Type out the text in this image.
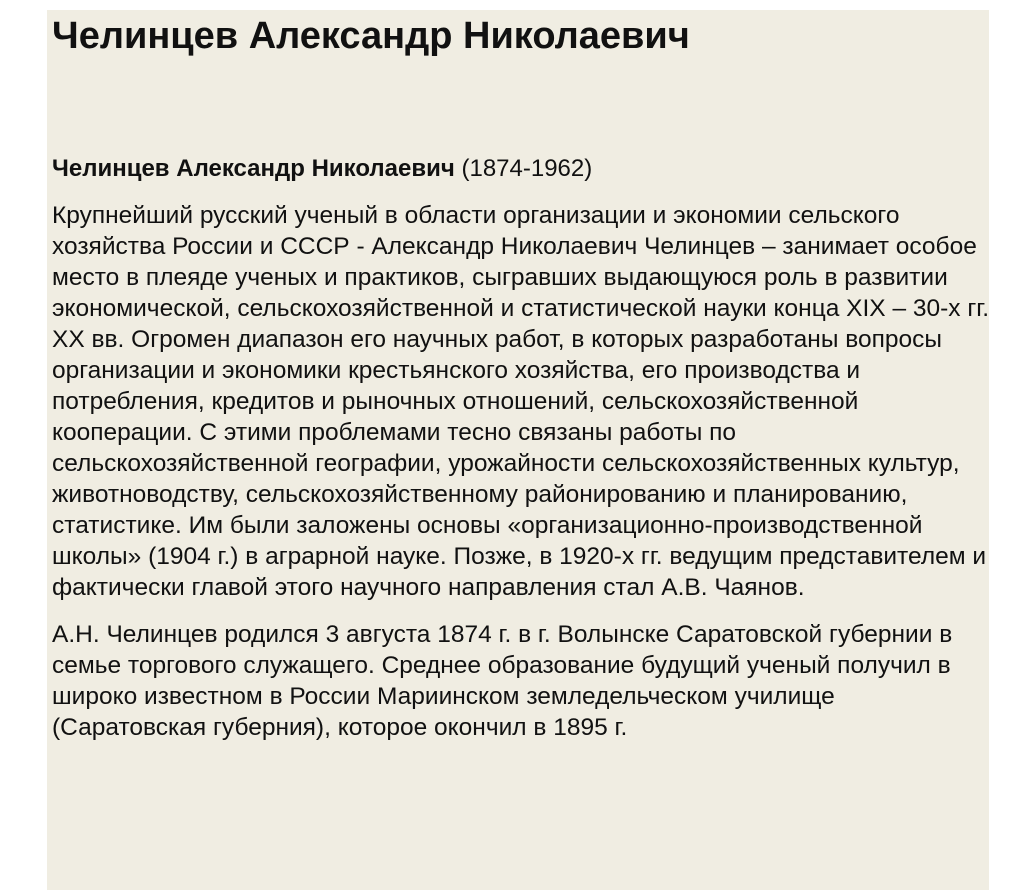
Челинцев Александр Николаевич

Челинцев Александр Николаевич (1874-1962)

Крупнейший русский ученый в области организации и экономии сельского хозяйства России и СССР - Александр Николаевич Челинцев – занимает особое место в плеяде ученых и практиков, сыгравших выдающуюся роль в развитии экономической, сельскохозяйственной и статистической науки конца XIX – 30-х гг. XX вв. Огромен диапазон его научных работ, в которых разработаны вопросы организации и экономики крестьянского хозяйства, его производства и потребления, кредитов и рыночных отношений, сельскохозяйственной кооперации. С этими проблемами тесно связаны работы по сельскохозяйственной географии, урожайности сельскохозяйственных культур, животноводству, сельскохозяйственному районированию и планированию, статистике. Им были заложены основы «организационно-производственной школы» (1904 г.) в аграрной науке. Позже, в 1920-х гг. ведущим представителем и фактически главой этого научного направления стал А.В. Чаянов.

А.Н. Челинцев родился 3 августа 1874 г. в г. Волынске Саратовской губернии в семье торгового служащего. Среднее образование будущий ученый получил в широко известном в России Мариинском земледельческом училище (Саратовская губерния), которое окончил в 1895 г.
